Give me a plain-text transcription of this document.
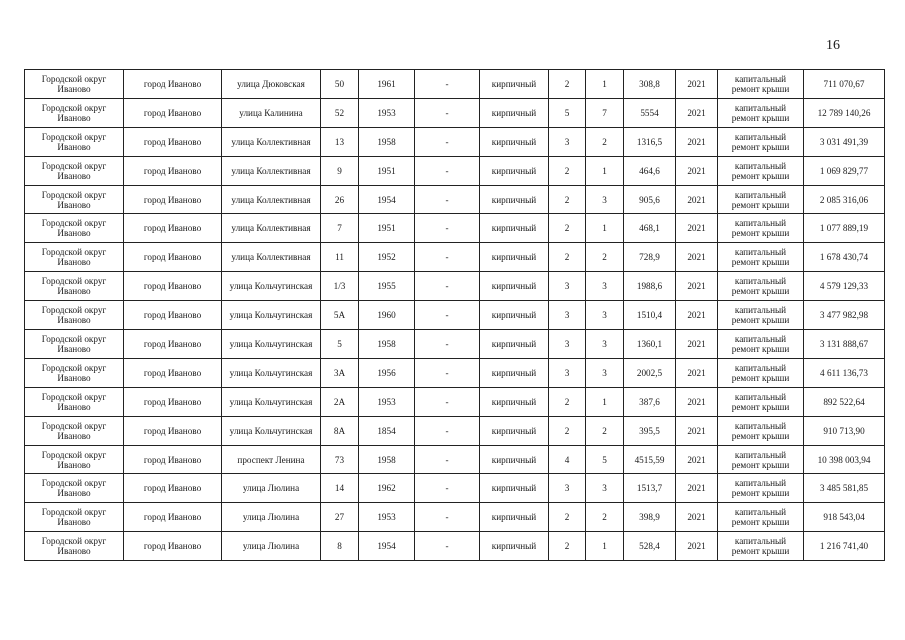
16
Городской округ Иваново	город Иваново	улица Дюковская	50	1961	-	кирпичный	2	1	308,8	2021	капитальный ремонт крыши	711 070,67
Городской округ Иваново	город Иваново	улица Калинина	52	1953	-	кирпичный	5	7	5554	2021	капитальный ремонт крыши	12 789 140,26
Городской округ Иваново	город Иваново	улица Коллективная	13	1958	-	кирпичный	3	2	1316,5	2021	капитальный ремонт крыши	3 031 491,39
Городской округ Иваново	город Иваново	улица Коллективная	9	1951	-	кирпичный	2	1	464,6	2021	капитальный ремонт крыши	1 069 829,77
Городской округ Иваново	город Иваново	улица Коллективная	26	1954	-	кирпичный	2	3	905,6	2021	капитальный ремонт крыши	2 085 316,06
Городской округ Иваново	город Иваново	улица Коллективная	7	1951	-	кирпичный	2	1	468,1	2021	капитальный ремонт крыши	1 077 889,19
Городской округ Иваново	город Иваново	улица Коллективная	11	1952	-	кирпичный	2	2	728,9	2021	капитальный ремонт крыши	1 678 430,74
Городской округ Иваново	город Иваново	улица Кольчугинская	1/3	1955	-	кирпичный	3	3	1988,6	2021	капитальный ремонт крыши	4 579 129,33
Городской округ Иваново	город Иваново	улица Кольчугинская	5А	1960	-	кирпичный	3	3	1510,4	2021	капитальный ремонт крыши	3 477 982,98
Городской округ Иваново	город Иваново	улица Кольчугинская	5	1958	-	кирпичный	3	3	1360,1	2021	капитальный ремонт крыши	3 131 888,67
Городской округ Иваново	город Иваново	улица Кольчугинская	3А	1956	-	кирпичный	3	3	2002,5	2021	капитальный ремонт крыши	4 611 136,73
Городской округ Иваново	город Иваново	улица Кольчугинская	2А	1953	-	кирпичный	2	1	387,6	2021	капитальный ремонт крыши	892 522,64
Городской округ Иваново	город Иваново	улица Кольчугинская	8А	1854	-	кирпичный	2	2	395,5	2021	капитальный ремонт крыши	910 713,90
Городской округ Иваново	город Иваново	проспект Ленина	73	1958	-	кирпичный	4	5	4515,59	2021	капитальный ремонт крыши	10 398 003,94
Городской округ Иваново	город Иваново	улица Люлина	14	1962	-	кирпичный	3	3	1513,7	2021	капитальный ремонт крыши	3 485 581,85
Городской округ Иваново	город Иваново	улица Люлина	27	1953	-	кирпичный	2	2	398,9	2021	капитальный ремонт крыши	918 543,04
Городской округ Иваново	город Иваново	улица Люлина	8	1954	-	кирпичный	2	1	528,4	2021	капитальный ремонт крыши	1 216 741,40
